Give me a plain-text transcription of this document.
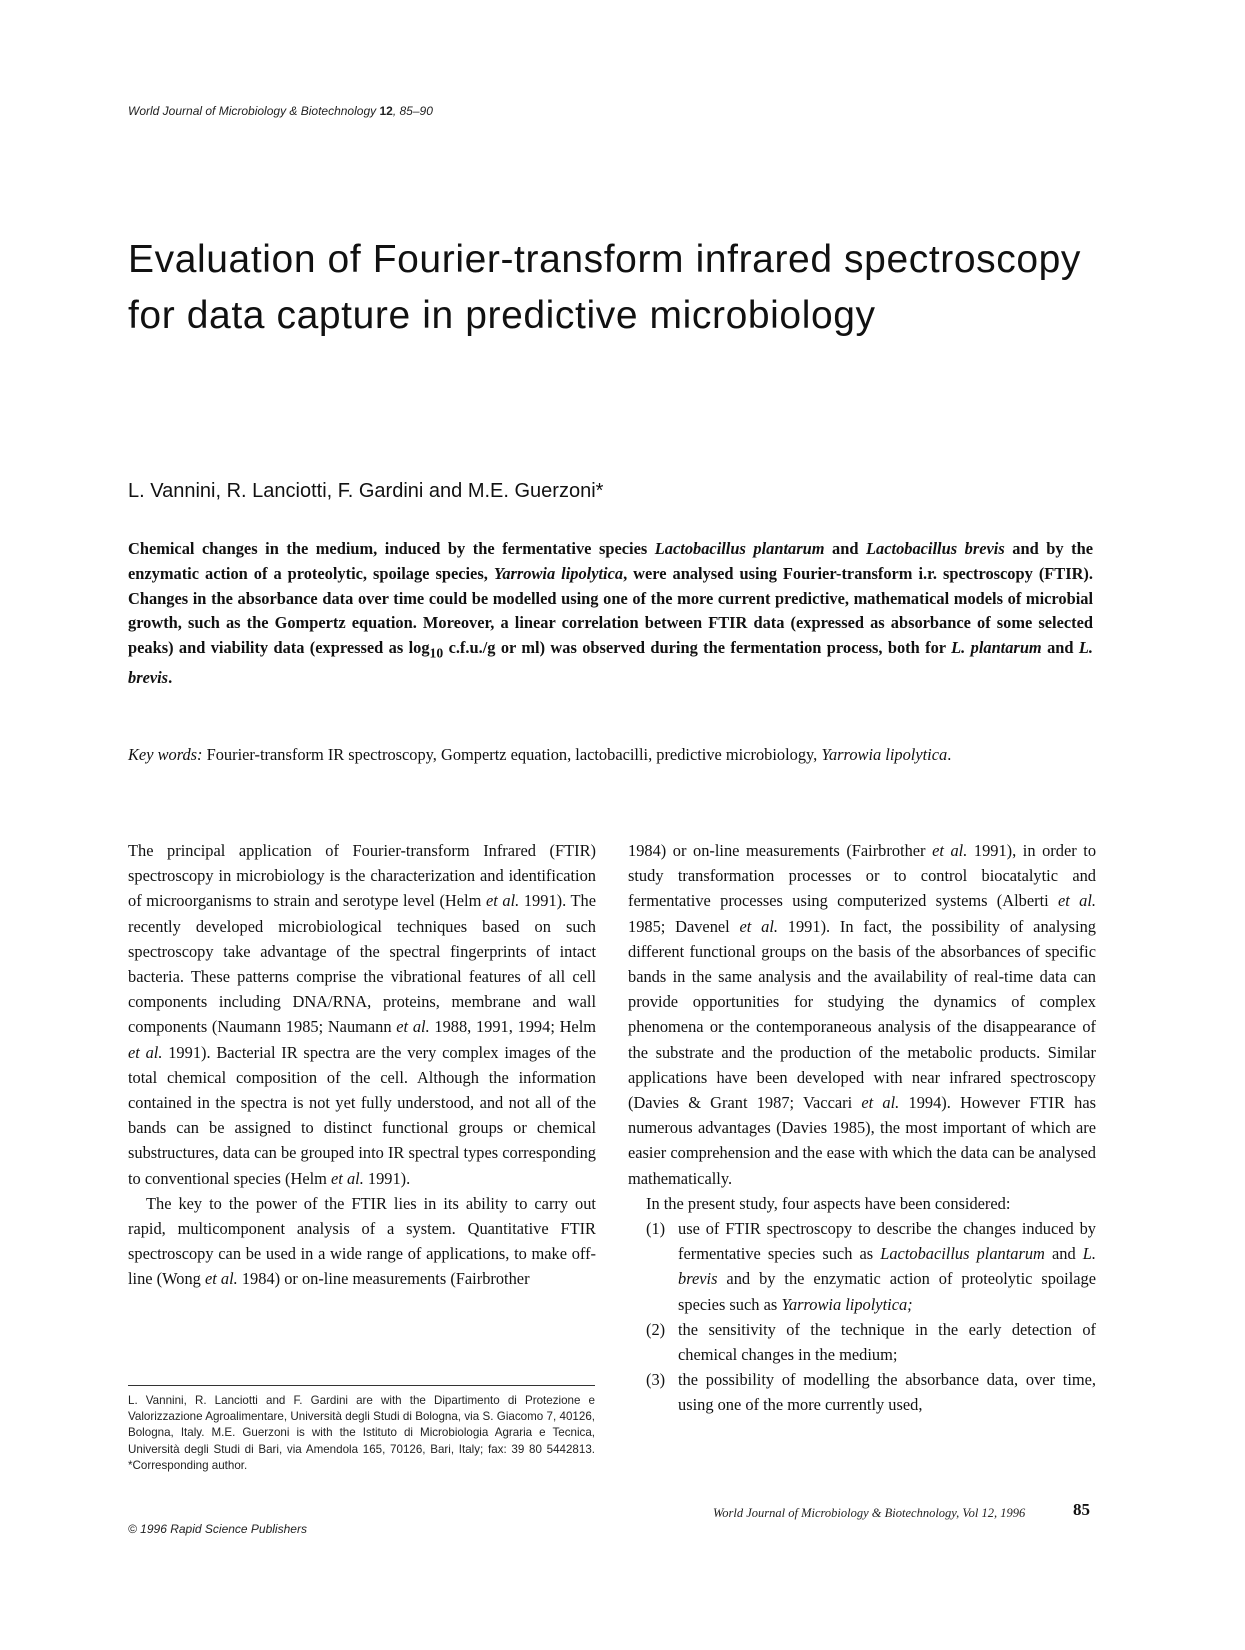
World Journal of Microbiology & Biotechnology 12, 85–90
Evaluation of Fourier-transform infrared spectroscopy for data capture in predictive microbiology
L. Vannini, R. Lanciotti, F. Gardini and M.E. Guerzoni*

Chemical changes in the medium, induced by the fermentative species Lactobacillus plantarum and Lactobacillus brevis and by the enzymatic action of a proteolytic, spoilage species, Yarrowia lipolytica, were analysed using Fourier-transform i.r. spectroscopy (FTIR). Changes in the absorbance data over time could be modelled using one of the more current predictive, mathematical models of microbial growth, such as the Gompertz equation. Moreover, a linear correlation between FTIR data (expressed as absorbance of some selected peaks) and viability data (expressed as $\log_{10} c.f.u./g$ or ml) was observed during the fermentation process, both for L. plantarum and L. brevis.

Key words: Fourier-transform IR spectroscopy, Gompertz equation, lactobacilli, predictive microbiology, Yarrowia lipolytica.

The principal application of Fourier-transform Infrared (FTIR) spectroscopy in microbiology is the characterization and identification of microorganisms to strain and serotype level (Helm et al. 1991). The recently developed microbiological techniques based on such spectroscopy take advantage of the spectral fingerprints of intact bacteria. These patterns comprise the vibrational features of all cell components including DNA/RNA, proteins, membrane and wall components (Naumann 1985; Naumann et al. 1988, 1991, 1994; Helm et al. 1991). Bacterial IR spectra are the very complex images of the total chemical composition of the cell. Although the information contained in the spectra is not yet fully understood, and not all of the bands can be assigned to distinct functional groups or chemical substructures, data can be grouped into IR spectral types corresponding to conventional species (Helm et al. 1991).

The key to the power of the FTIR lies in its ability to carry out rapid, multicomponent analysis of a system. Quantitative FTIR spectroscopy can be used in a wide range of applications, to make off-line (Wong et al. 1984) or on-line measurements (Fairbrother

1984) or on-line measurements (Fairbrother et al. 1991), in order to study transformation processes or to control biocatalytic and fermentative processes using computerized systems (Alberti et al. 1985; Davenel et al. 1991). In fact, the possibility of analysing different functional groups on the basis of the absorbances of specific bands in the same analysis and the availability of real-time data can provide opportunities for studying the dynamics of complex phenomena or the contemporaneous analysis of the disappearance of the substrate and the production of the metabolic products. Similar applications have been developed with near infrared spectroscopy (Davies & Grant 1987; Vaccari et al. 1994). However FTIR has numerous advantages (Davies 1985), the most important of which are easier comprehension and the ease with which the data can be analysed mathematically.

In the present study, four aspects have been considered:

(1) use of FTIR spectroscopy to describe the changes induced by fermentative species such as Lactobacillus plantarum and L. brevis and by the enzymatic action of proteolytic spoilage species such as Yarrowia lipolytica;
(2) the sensitivity of the technique in the early detection of chemical changes in the medium;
(3) the possibility of modelling the absorbance data, over time, using one of the more currently used,

L. Vannini, R. Lanciotti and F. Gardini are with the Dipartimento di Protezione e Valorizzazione Agroalimentare, Università degli Studi di Bologna, via S. Giacomo 7, 40126, Bologna, Italy. M.E. Guerzoni is with the Istituto di Microbiologia Agraria e Tecnica, Università degli Studi di Bari, via Amendola 165, 70126, Bari, Italy; fax: 39 80 5442813. *Corresponding author.

© 1996 Rapid Science Publishers
World Journal of Microbiology & Biotechnology, Vol 12, 1996	85
